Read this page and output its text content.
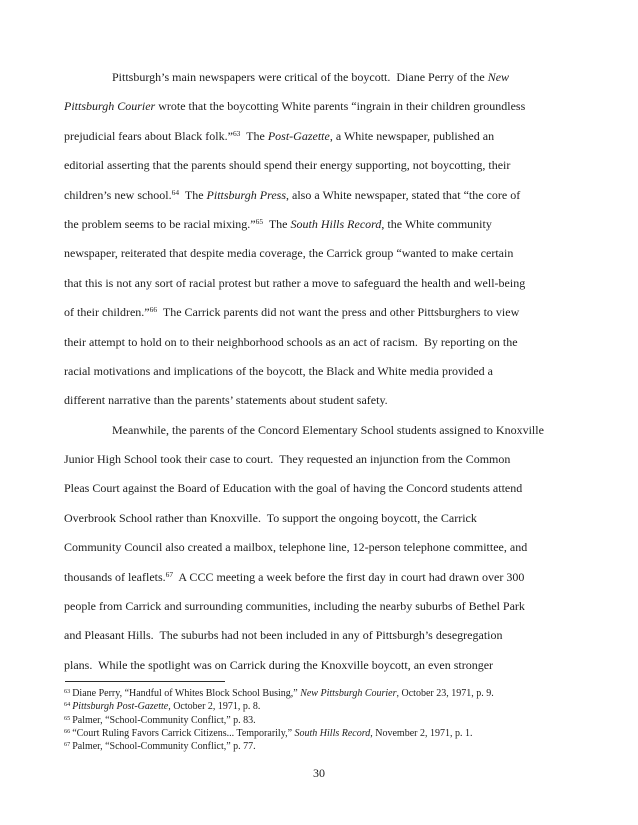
Pittsburgh’s main newspapers were critical of the boycott.  Diane Perry of the New
Pittsburgh Courier wrote that the boycotting White parents “ingrain in their children groundless
prejudicial fears about Black folk.”$^{63}$  The Post-Gazette, a White newspaper, published an
editorial asserting that the parents should spend their energy supporting, not boycotting, their
children’s new school.$^{64}$  The Pittsburgh Press, also a White newspaper, stated that “the core of
the problem seems to be racial mixing.”$^{65}$  The South Hills Record, the White community
newspaper, reiterated that despite media coverage, the Carrick group “wanted to make certain
that this is not any sort of racial protest but rather a move to safeguard the health and well-being
of their children.”$^{66}$  The Carrick parents did not want the press and other Pittsburghers to view
their attempt to hold on to their neighborhood schools as an act of racism.  By reporting on the
racial motivations and implications of the boycott, the Black and White media provided a
different narrative than the parents’ statements about student safety.
Meanwhile, the parents of the Concord Elementary School students assigned to Knoxville
Junior High School took their case to court.  They requested an injunction from the Common
Pleas Court against the Board of Education with the goal of having the Concord students attend
Overbrook School rather than Knoxville.  To support the ongoing boycott, the Carrick
Community Council also created a mailbox, telephone line, 12-person telephone committee, and
thousands of leaflets.$^{67}$  A CCC meeting a week before the first day in court had drawn over 300
people from Carrick and surrounding communities, including the nearby suburbs of Bethel Park
and Pleasant Hills.  The suburbs had not been included in any of Pittsburgh’s desegregation
plans.  While the spotlight was on Carrick during the Knoxville boycott, an even stronger
$^{63}$ Diane Perry, “Handful of Whites Block School Busing,” New Pittsburgh Courier, October 23, 1971, p. 9.
$^{64}$ Pittsburgh Post-Gazette, October 2, 1971, p. 8.
$^{65}$ Palmer, “School-Community Conflict,” p. 83.
$^{66}$ “Court Ruling Favors Carrick Citizens... Temporarily,” South Hills Record, November 2, 1971, p. 1.
$^{67}$ Palmer, “School-Community Conflict,” p. 77.
30
